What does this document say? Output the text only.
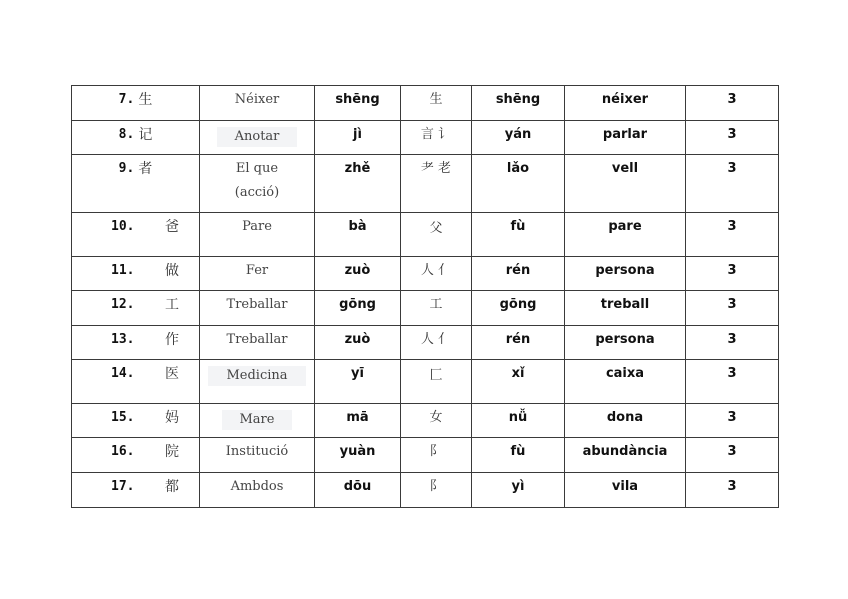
7. 生	Néixer	shēng	生	shēng	néixer	3

8. 记	Anotar	jì	言 讠	yán	parlar	3

9. 者	El que (acció)	zhě	耂 老	lǎo	vell	3

10. 爸	Pare	bà	父	fù	pare	3

11. 做	Fer	zuò	人 亻	rén	persona	3

12. 工	Treballar	gōng	工	gōng	treball	3

13. 作	Treballar	zuò	人 亻	rén	persona	3

14. 医	Medicina	yī	匚	xǐ	caixa	3

15. 妈	Mare	mā	女	nǚ	dona	3

16. 院	Institució	yuàn	阝	fù	abundància	3

17. 都	Ambdos	dōu	阝	yì	vila	3
